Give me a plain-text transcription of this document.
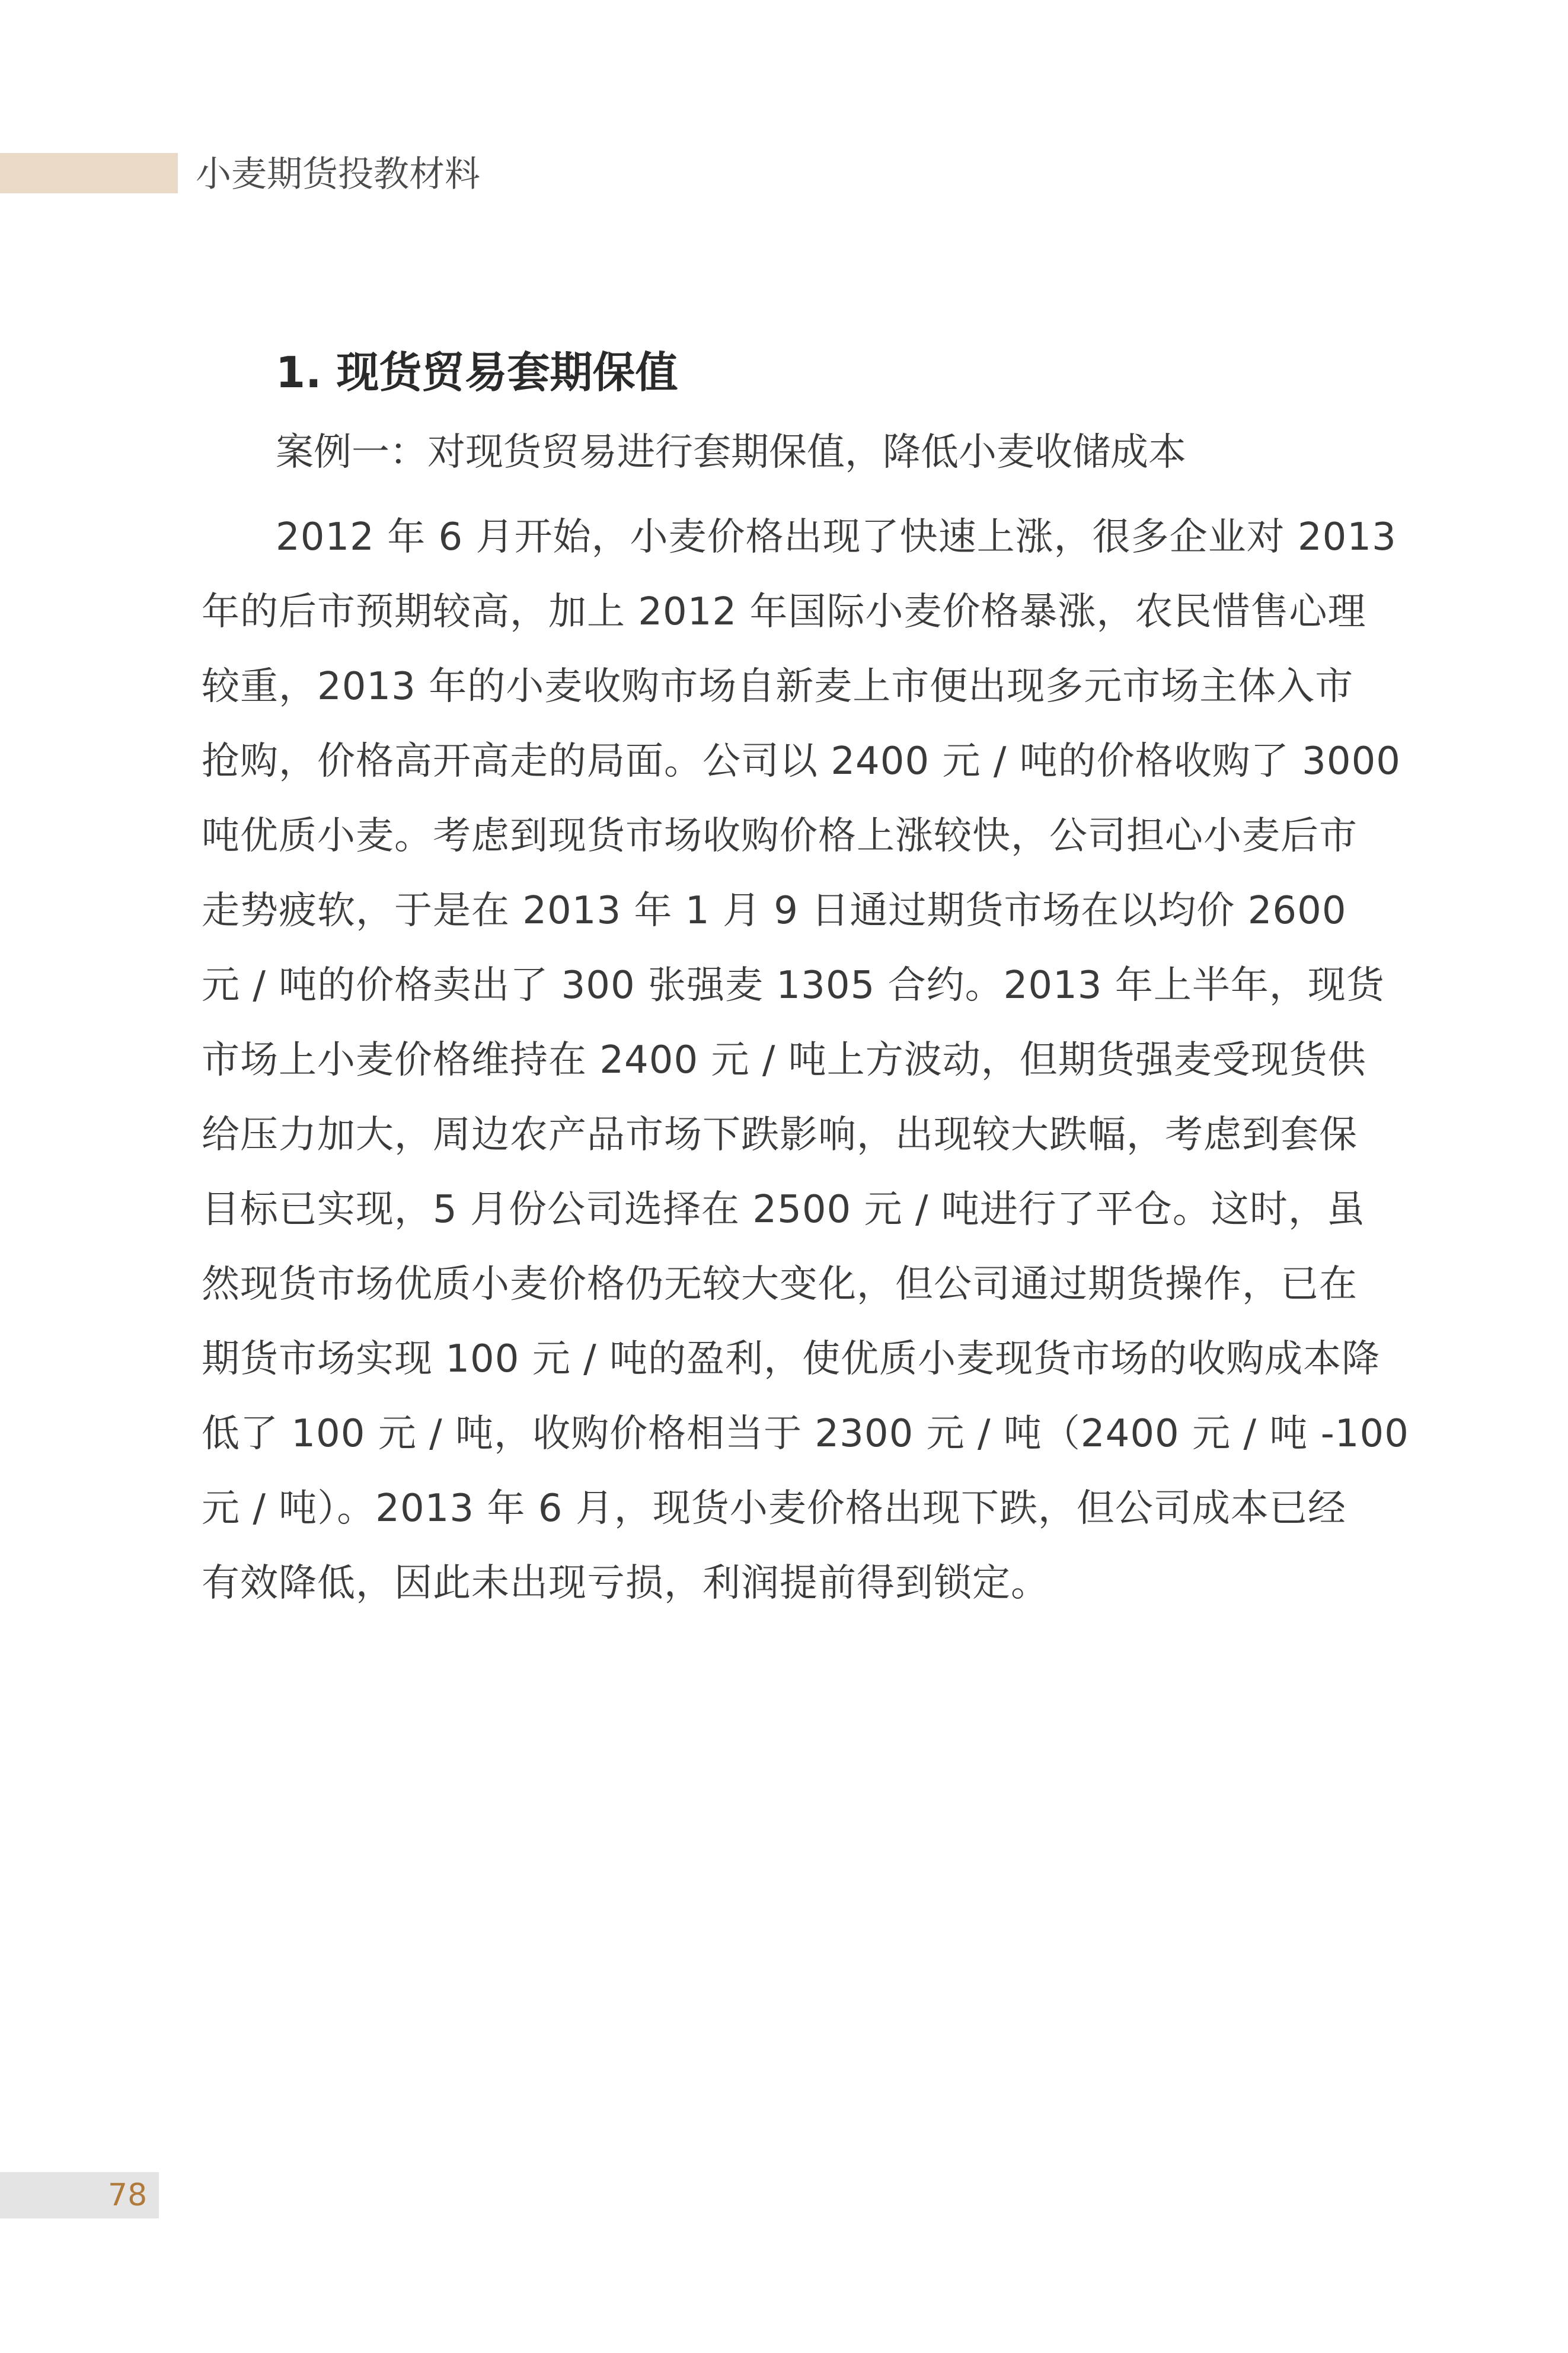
小麦期货投教材料
1. 现货贸易套期保值
案例一：对现货贸易进行套期保值，降低小麦收储成本
2012 年 6 月开始，小麦价格出现了快速上涨，很多企业对 2013
年的后市预期较高，加上 2012 年国际小麦价格暴涨，农民惜售心理
较重，2013 年的小麦收购市场自新麦上市便出现多元市场主体入市
抢购，价格高开高走的局面。公司以 2400 元 / 吨的价格收购了 3000
吨优质小麦。考虑到现货市场收购价格上涨较快，公司担心小麦后市
走势疲软，于是在 2013 年 1 月 9 日通过期货市场在以均价 2600
元 / 吨的价格卖出了 300 张强麦 1305 合约。2013 年上半年，现货
市场上小麦价格维持在 2400 元 / 吨上方波动，但期货强麦受现货供
给压力加大，周边农产品市场下跌影响，出现较大跌幅，考虑到套保
目标已实现，5 月份公司选择在 2500 元 / 吨进行了平仓。这时，虽
然现货市场优质小麦价格仍无较大变化，但公司通过期货操作，已在
期货市场实现 100 元 / 吨的盈利，使优质小麦现货市场的收购成本降
低了 100 元 / 吨，收购价格相当于 2300 元 / 吨（2400 元 / 吨 -100
元 / 吨）。2013 年 6 月，现货小麦价格出现下跌，但公司成本已经
有效降低，因此未出现亏损，利润提前得到锁定。
78
